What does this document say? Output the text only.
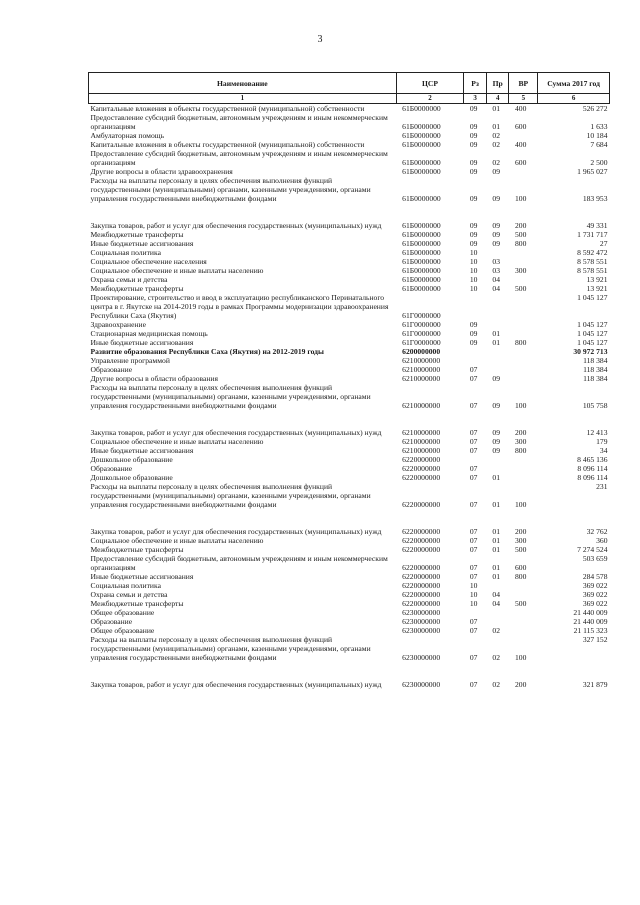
3
Наименование	ЦСР	Рз	Пр	ВР	Сумма 2017 год
1	2	3	4	5	6
Капитальные вложения в объекты государственной (муниципальной) собственности	61Б0000000	09	01	400	526 272
Предоставление субсидий бюджетным, автономным учреждениям и иным некоммерческим организациям	61Б0000000	09	01	600	1 633
Амбулаторная помощь	61Б0000000	09	02		10 184
Капитальные вложения в объекты государственной (муниципальной) собственности	61Б0000000	09	02	400	7 684
Предоставление субсидий бюджетным, автономным учреждениям и иным некоммерческим организациям	61Б0000000	09	02	600	2 500
Другие вопросы в области здравоохранения	61Б0000000	09	09		1 965 027
Расходы на выплаты персоналу в целях обеспечения выполнения функций государственными (муниципальными) органами, казенными учреждениями, органами управления государственными внебюджетными фондами	61Б0000000	09	09	100	183 953

Закупка товаров, работ и услуг для обеспечения государственных (муниципальных) нужд	61Б0000000	09	09	200	49 331
Межбюджетные трансферты	61Б0000000	09	09	500	1 731 717
Иные бюджетные ассигнования	61Б0000000	09	09	800	27
Социальная политика	61Б0000000	10			8 592 472
Социальное обеспечение населения	61Б0000000	10	03		8 578 551
Социальное обеспечение и иные выплаты населению	61Б0000000	10	03	300	8 578 551
Охрана семьи и детства	61Б0000000	10	04		13 921
Межбюджетные трансферты	61Б0000000	10	04	500	13 921
Проектирование, строительство и ввод в эксплуатацию республиканского Перинатального центра в г. Якутске на 2014-2019 годы в рамках Программы модернизации здравоохранения Республики Саха (Якутия)	61Г0000000				1 045 127
Здравоохранение	61Г0000000	09			1 045 127
Стационарная медицинская помощь	61Г0000000	09	01		1 045 127
Иные бюджетные ассигнования	61Г0000000	09	01	800	1 045 127
Развитие образования Республики Саха (Якутия) на 2012-2019 годы	6200000000				30 972 713
Управление программой	6210000000				118 384
Образование	6210000000	07			118 384
Другие вопросы в области образования	6210000000	07	09		118 384
Расходы на выплаты персоналу в целях обеспечения выполнения функций государственными (муниципальными) органами, казенными учреждениями, органами управления государственными внебюджетными фондами	6210000000	07	09	100	105 758

Закупка товаров, работ и услуг для обеспечения государственных (муниципальных) нужд	6210000000	07	09	200	12 413
Социальное обеспечение и иные выплаты населению	6210000000	07	09	300	179
Иные бюджетные ассигнования	6210000000	07	09	800	34
Дошкольное образование	6220000000				8 465 136
Образование	6220000000	07			8 096 114
Дошкольное образование	6220000000	07	01		8 096 114
Расходы на выплаты персоналу в целях обеспечения выполнения функций государственными (муниципальными) органами, казенными учреждениями, органами управления государственными внебюджетными фондами	6220000000	07	01	100	231

Закупка товаров, работ и услуг для обеспечения государственных (муниципальных) нужд	6220000000	07	01	200	32 762
Социальное обеспечение и иные выплаты населению	6220000000	07	01	300	360
Межбюджетные трансферты	6220000000	07	01	500	7 274 524
Предоставление субсидий бюджетным, автономным учреждениям и иным некоммерческим организациям	6220000000	07	01	600	503 659
Иные бюджетные ассигнования	6220000000	07	01	800	284 578
Социальная политика	6220000000	10			369 022
Охрана семьи и детства	6220000000	10	04		369 022
Межбюджетные трансферты	6220000000	10	04	500	369 022
Общее образование	6230000000				21 440 009
Образование	6230000000	07			21 440 009
Общее образование	6230000000	07	02		21 115 323
Расходы на выплаты персоналу в целях обеспечения выполнения функций государственными (муниципальными) органами, казенными учреждениями, органами управления государственными внебюджетными фондами	6230000000	07	02	100	327 152

Закупка товаров, работ и услуг для обеспечения государственных (муниципальных) нужд	6230000000	07	02	200	321 879
